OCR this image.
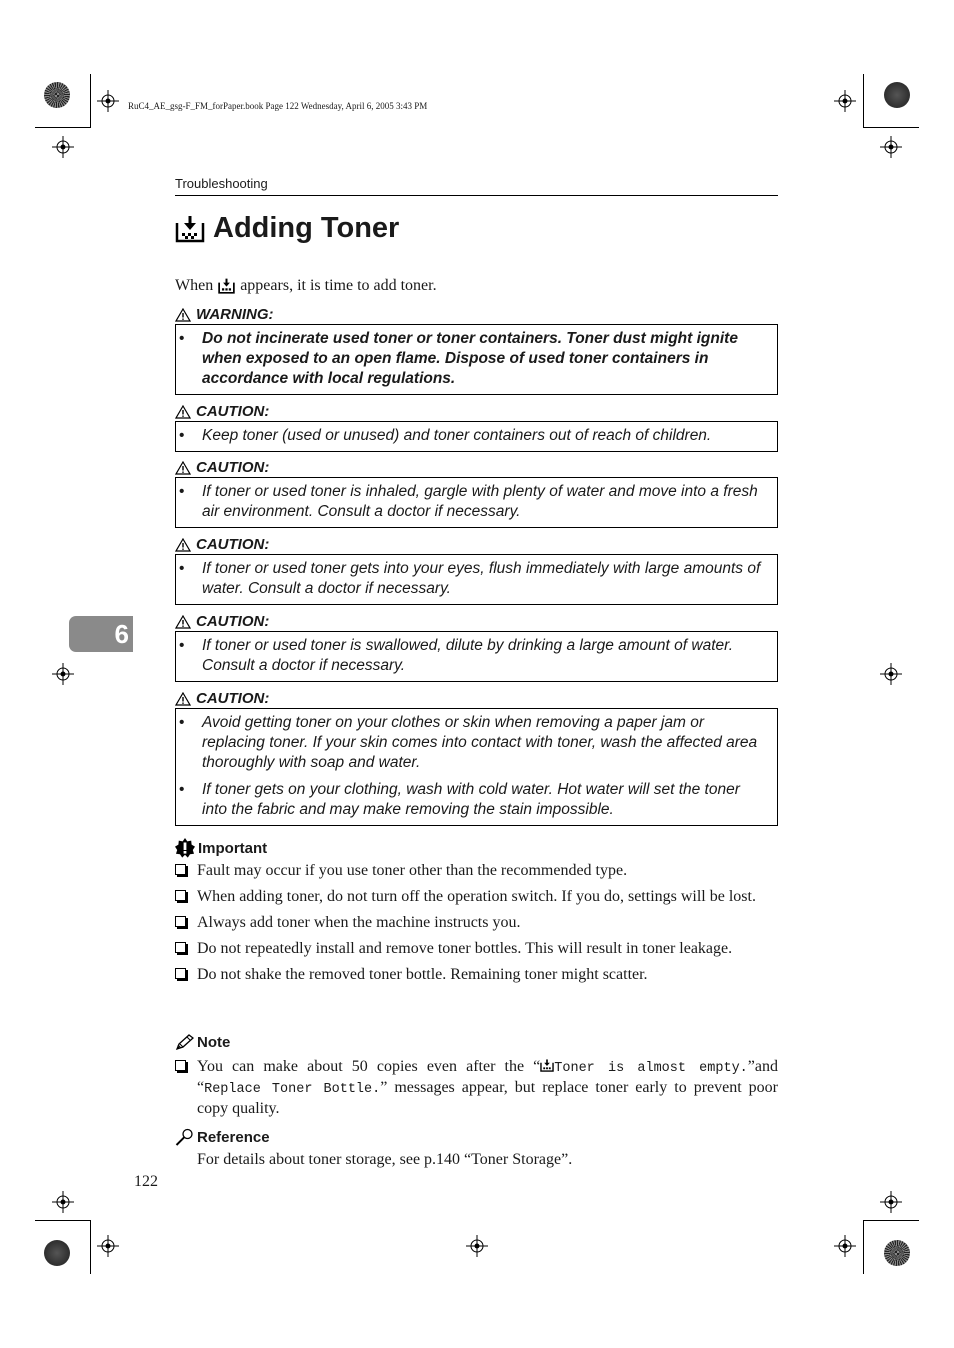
RuC4_AE_gsg-F_FM_forPaper.book Page 122 Wednesday, April 6, 2005 3:43 PM
Troubleshooting
Adding Toner
When appears, it is time to add toner.
WARNING:
• Do not incinerate used toner or toner containers. Toner dust might ignite when exposed to an open flame. Dispose of used toner containers in accordance with local regulations.
CAUTION:
• Keep toner (used or unused) and toner containers out of reach of children.
CAUTION:
• If toner or used toner is inhaled, gargle with plenty of water and move into a fresh air environment. Consult a doctor if necessary.
CAUTION:
• If toner or used toner gets into your eyes, flush immediately with large amounts of water. Consult a doctor if necessary.
CAUTION:
• If toner or used toner is swallowed, dilute by drinking a large amount of water. Consult a doctor if necessary.
CAUTION:
• Avoid getting toner on your clothes or skin when removing a paper jam or replacing toner. If your skin comes into contact with toner, wash the affected area thoroughly with soap and water.
• If toner gets on your clothing, wash with cold water. Hot water will set the toner into the fabric and may make removing the stain impossible.
6
Important
Fault may occur if you use toner other than the recommended type.
When adding toner, do not turn off the operation switch. If you do, settings will be lost.
Always add toner when the machine instructs you.
Do not repeatedly install and remove toner bottles. This will result in toner leakage.
Do not shake the removed toner bottle. Remaining toner might scatter.
Note
You can make about 50 copies even after the “ Toner is almost empty.”and “Replace Toner Bottle.” messages appear, but replace toner early to prevent poor copy quality.
Reference
For details about toner storage, see p.140 “Toner Storage”.
122
